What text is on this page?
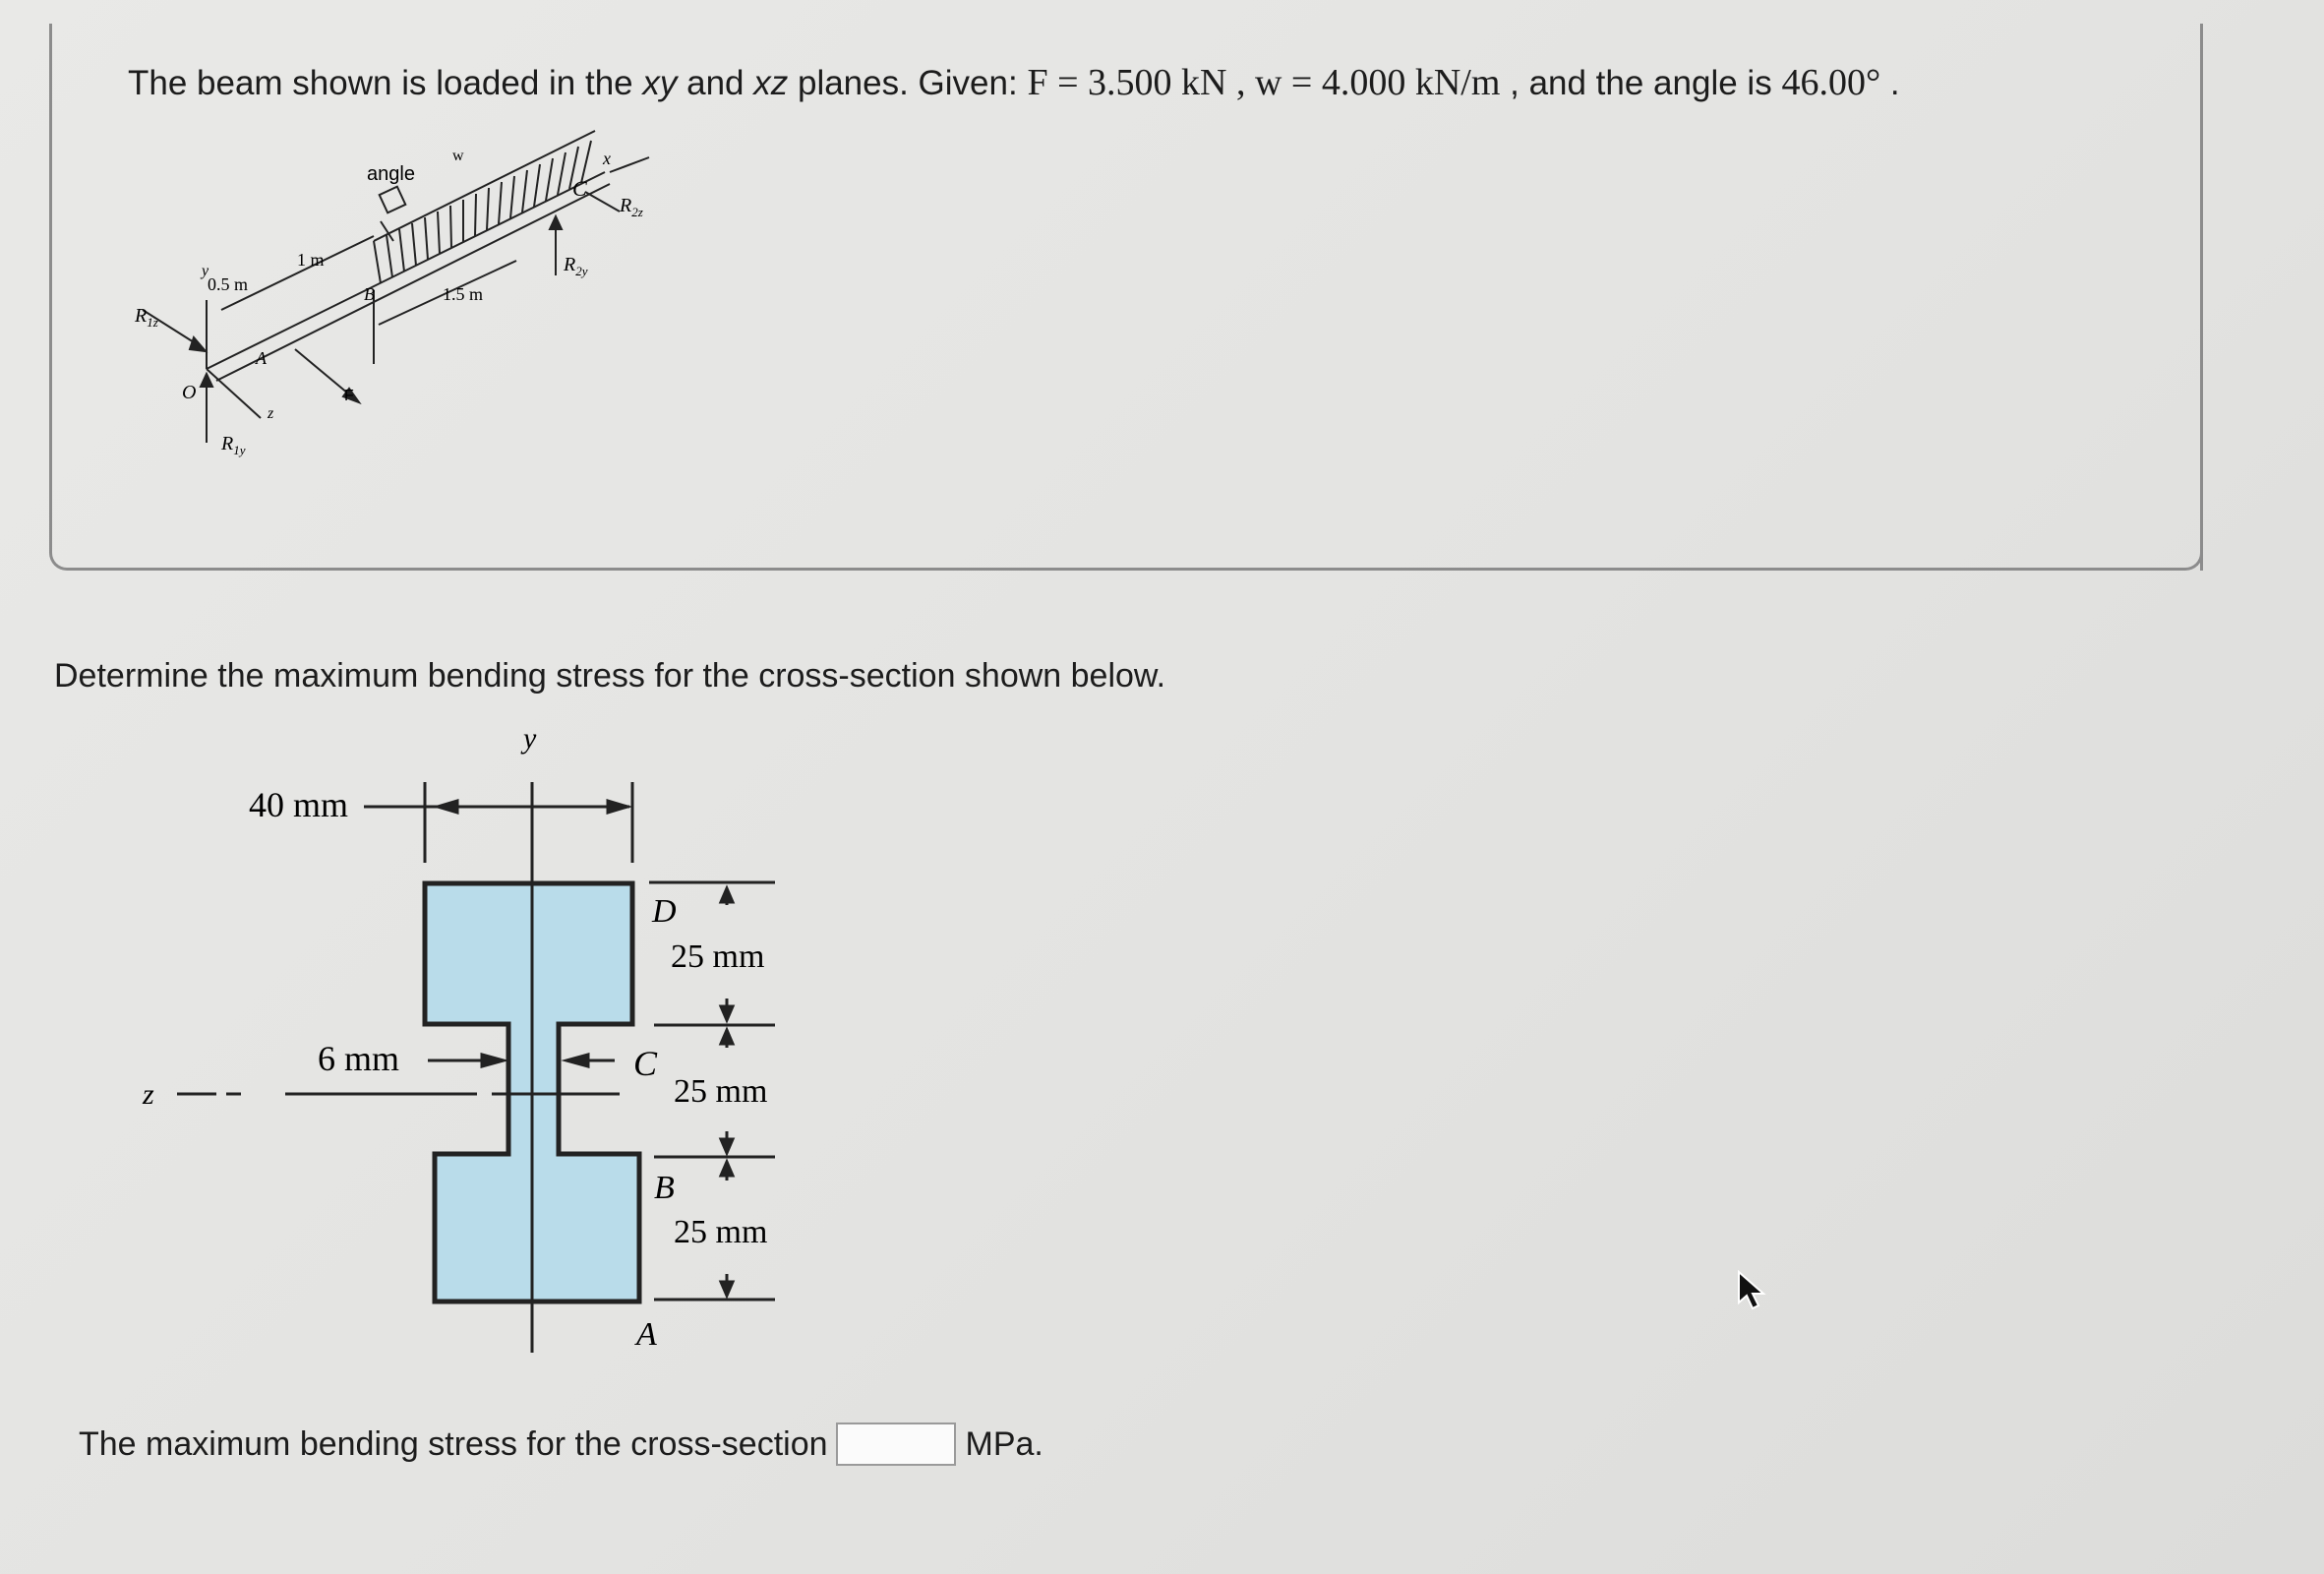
The beam shown is loaded in the xy and xz planes. Given: F = 3.500 kN , w = 4.000 kN/m , and the angle is 46.00° .
angle
w	x
C
$R_{2z}$
$R_{2y}$
1 m
y
0.5 m	B	1.5 m
$R_{1z}$
O
A
z
F
$R_{1y}$
Determine the maximum bending stress for the cross-section shown below.
y
40 mm
D
25 mm
6 mm	C
25 mm
B
25 mm
A
z
The maximum bending stress for the cross-section	MPa.
